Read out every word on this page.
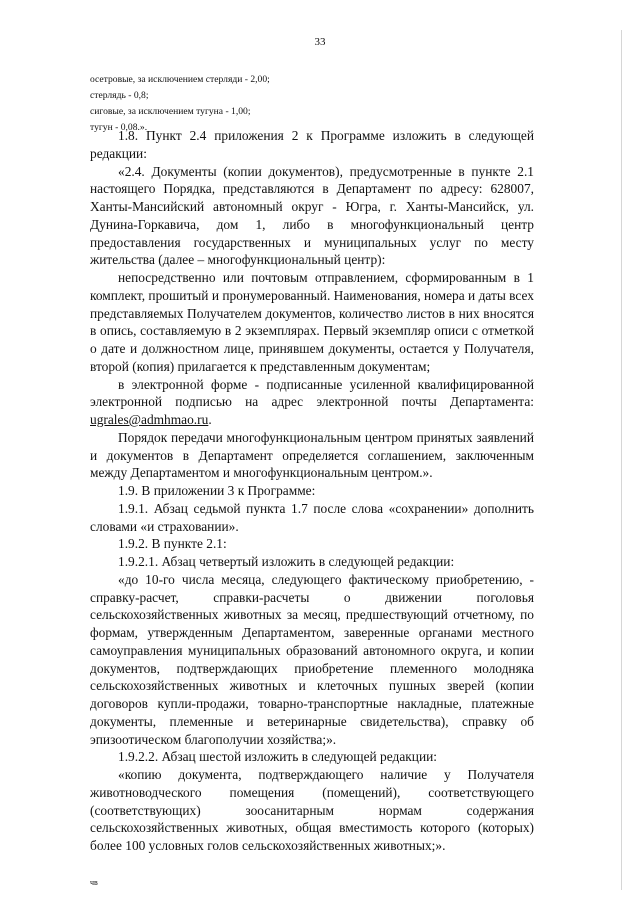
33
осетровые, за исключением стерляди - 2,00;
стерлядь - 0,8;
сиговые, за исключением тугуна - 1,00;
тугун - 0,08.».

1.8. Пункт 2.4 приложения 2 к Программе изложить в следующей редакции:

«2.4. Документы (копии документов), предусмотренные в пункте 2.1 настоящего Порядка, представляются в Департамент по адресу: 628007, Ханты-Мансийский автономный округ - Югра, г. Ханты-Мансийск, ул. Дунина-Горкавича, дом 1, либо в многофункциональный центр предоставления государственных и муниципальных услуг по месту жительства (далее – многофункциональный центр):

непосредственно или почтовым отправлением, сформированным в 1 комплект, прошитый и пронумерованный. Наименования, номера и даты всех представляемых Получателем документов, количество листов в них вносятся в опись, составляемую в 2 экземплярах. Первый экземпляр описи с отметкой о дате и должностном лице, принявшем документы, остается у Получателя, второй (копия) прилагается к представленным документам;

в электронной форме - подписанные усиленной квалифицированной электронной подписью на адрес электронной почты Департамента: ugrales@admhmao.ru.

Порядок передачи многофункциональным центром принятых заявлений и документов в Департамент определяется соглашением, заключенным между Департаментом и многофункциональным центром.».

1.9. В приложении 3 к Программе:

1.9.1. Абзац седьмой пункта 1.7 после слова «сохранении» дополнить словами «и страховании».

1.9.2. В пункте 2.1:

1.9.2.1. Абзац четвертый изложить в следующей редакции:

«до 10-го числа месяца, следующего фактическому приобретению, - справку-расчет, справки-расчеты о движении поголовья сельскохозяйственных животных за месяц, предшествующий отчетному, по формам, утвержденным Департаментом, заверенные органами местного самоуправления муниципальных образований автономного округа, и копии документов, подтверждающих приобретение племенного молодняка сельскохозяйственных животных и клеточных пушных зверей (копии договоров купли-продажи, товарно-транспортные накладные, платежные документы, племенные и ветеринарные свидетельства), справку об эпизоотическом благополучии хозяйства;».

1.9.2.2. Абзац шестой изложить в следующей редакции:

«копию документа, подтверждающего наличие у Получателя животноводческого помещения (помещений), соответствующего (соответствующих) зоосанитарным нормам содержания сельскохозяйственных животных, общая вместимость которого (которых) более 100 условных голов сельскохозяйственных животных;».

чв
